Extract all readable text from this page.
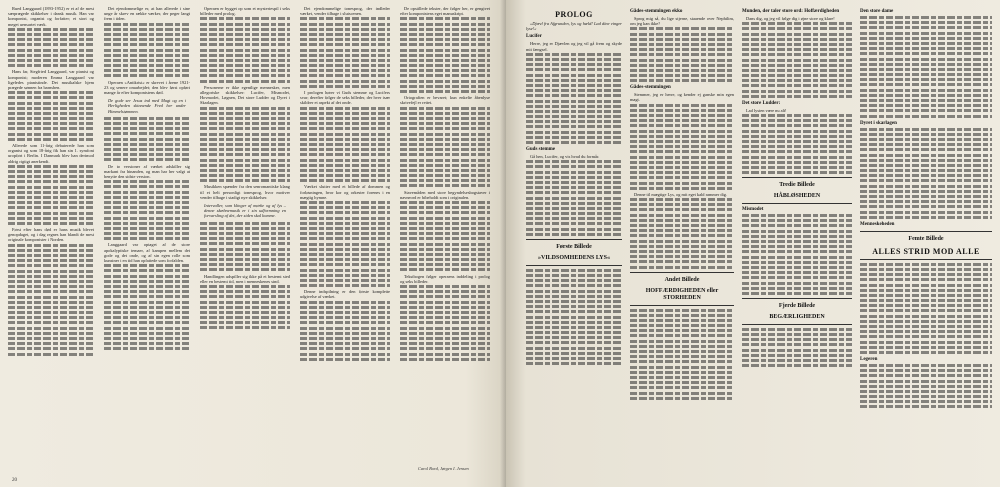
Rued Langgaard (1893-1952) er et af de mest særprægede skikkelser i dansk musik. Han var komponist, organist og forfatter; et stort og meget uensartet værk.

Hans far, Siegfried Langgaard, var pianist og komponist; moderen Emma Langgaard var ligeledes pianistinde. Det musikalske hjem prægede sønnen fra barnsben.

Allerede som 11-årig debuterede han som organist og som 18-årig fik han sin 1. symfoni uropført i Berlin. I Danmark blev han derimod aldrig rigtigt anerkendt.

Først efter hans død er hans musik blevet genopdaget, og i dag regnes han blandt de mest originale komponister i Norden.

Det ejendommelige er, at han allerede i sine unge år skrev en række værker, der peger langt frem i tiden.

Operaen »Antikrist« er skrevet i årene 1921-23 og senere omarbejdet; den blev først opført mange år efter komponistens død.

De gode ser Jesus ind med Magt og en i Herligheden skinnende Fred her under Himmelstømmen.

De to versioner af værket adskiller sig markant fra hinanden, og man har her valgt at benytte den sidste version.

Langgaard var optaget af de store apokalyptiske temaer, af kampen mellem det gode og det onde, og af sin egen rolle som kunstner i en tid han opfattede som forfalden.

Operaen er bygget op som et mysteriespil i seks billeder med prolog.

Personerne er ikke egentlige mennesker, men allegoriske skikkelser: Lucifer, Mismodet, Hovmodet, Løgnen, Det store Ludder og Dyret i Skarlagen.

Musikken spænder fra den senromantiske klang til et helt personligt tonesprog, hvor motiver vender tilbage i stadigt nye skikkelser.

Intervaller, som klinger af mørke og af lys – denne skæbnemusik er i sin udformning en forvarsling af det, der siden skal komme.

Handlingen udspiller sig ikke på et bestemt sted eller en bestemt tid, men i menneskenes sind.

Det ejendommelige tonesprog, der indleder værket, vender tilbage i slutscenen.

I prologen hører vi Guds stemme og Lucifers svar; derefter følger de seks billeder, der hver især skildrer et aspekt af det onde.

Værket slutter med et billede af dommen og forløsningen, hvor kor og orkester forenes i en mægtig hymne.

Denne indspilning er den første komplette udgivelse af værket.

De opstillede tekster, der følger her, er gengivet efter komponistens eget manuskript.

Ortografien er bevaret; kun enkelte åbenlyse skrivefejl er rettet.

Stavemåden med store begyndelsesbogstaver i navneord er bibeholdt som i originalen.

Tekstbogen følger operaens inddeling i prolog og seks billeder.

Carol Bord, Jørgen I. Jensen
20
PROLOG

»Djævl fra Afgrunden, lys og hæld! Lad dine vinger lyse!«

Lucifer

Herre, jeg er Djævlen og jeg vil gå frem og skyde mit fængsel.

Guds stemme

Gå hen, Lucifer, og vis hvad du formår.

Første Billede
»VILDSOMHEDENS LYS«
Gådes-stemmingen ekko

Sprog mig så, du lige stjerne, staaende over Nephilim, om jeg kan ikke?

Gådes-stemmingen

Stemmer, jeg er herre, og kender ej ganske min egen magt.

Denne til mægtige Lys, og mit eget kald rammer dig.

Andet Billede
HOFFÆRDIGHEDEN eller STORHEDEN
Munden, der taler store ord: Hoffærdigheden

Dans dig, og jeg vil følge dig i øjne store og klare!

Det store Ludder:

Lad lysten være nu alt!

Tredie Billede
HÅBLØSHEDEN
Mismodet
Fjerde Billede
BEGÆRLIGHEDEN
Den store dame
Dyret i skarlagen
Menneskeheden
Femte Billede
ALLES STRID MOD ALLE
Legeren
